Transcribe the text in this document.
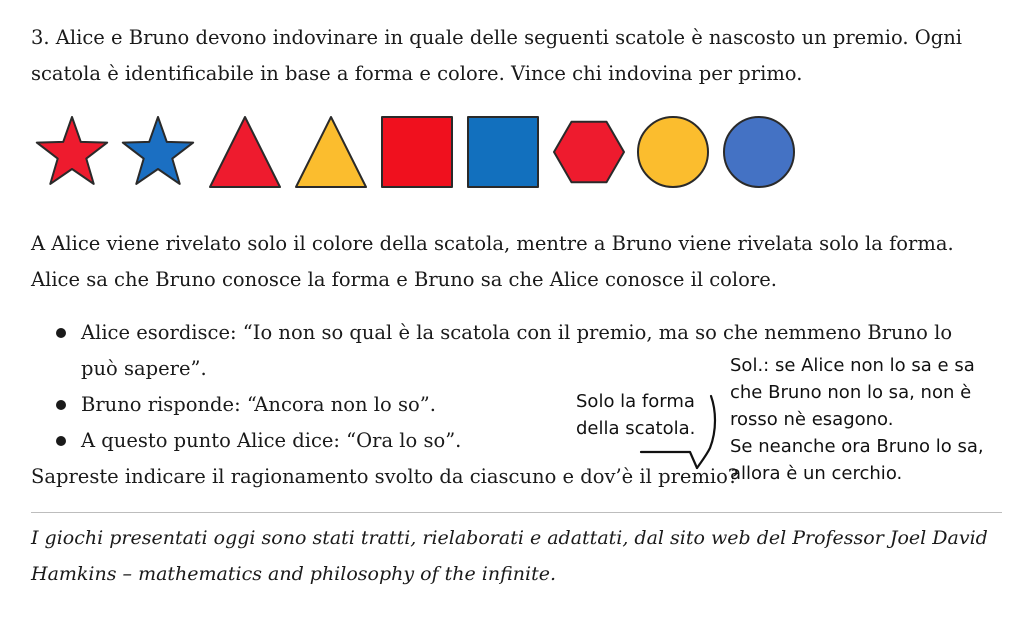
3. Alice e Bruno devono indovinare in quale delle seguenti scatole è nascosto un premio. Ogni scatola è identificabile in base a forma e colore. Vince chi indovina per primo.

A Alice viene rivelato solo il colore della scatola, mentre a Bruno viene rivelata solo la forma. Alice sa che Bruno conosce la forma e Bruno sa che Alice conosce il colore.

Alice esordisce: “Io non so qual è la scatola con il premio, ma so che nemmeno Bruno lo può sapere”.
Bruno risponde: “Ancora non lo so”.
A questo punto Alice dice: “Ora lo so”.

Sapreste indicare il ragionamento svolto da ciascuno e dov’è il premio?

Solo la forma
della scatola.
Sol.: se Alice non lo sa e sa
che Bruno non lo sa, non è
rosso nè esagono.
Se neanche ora Bruno lo sa,
allora è un cerchio.
I giochi presentati oggi sono stati tratti, rielaborati e adattati, dal sito web del Professor Joel David Hamkins – mathematics and philosophy of the infinite.
